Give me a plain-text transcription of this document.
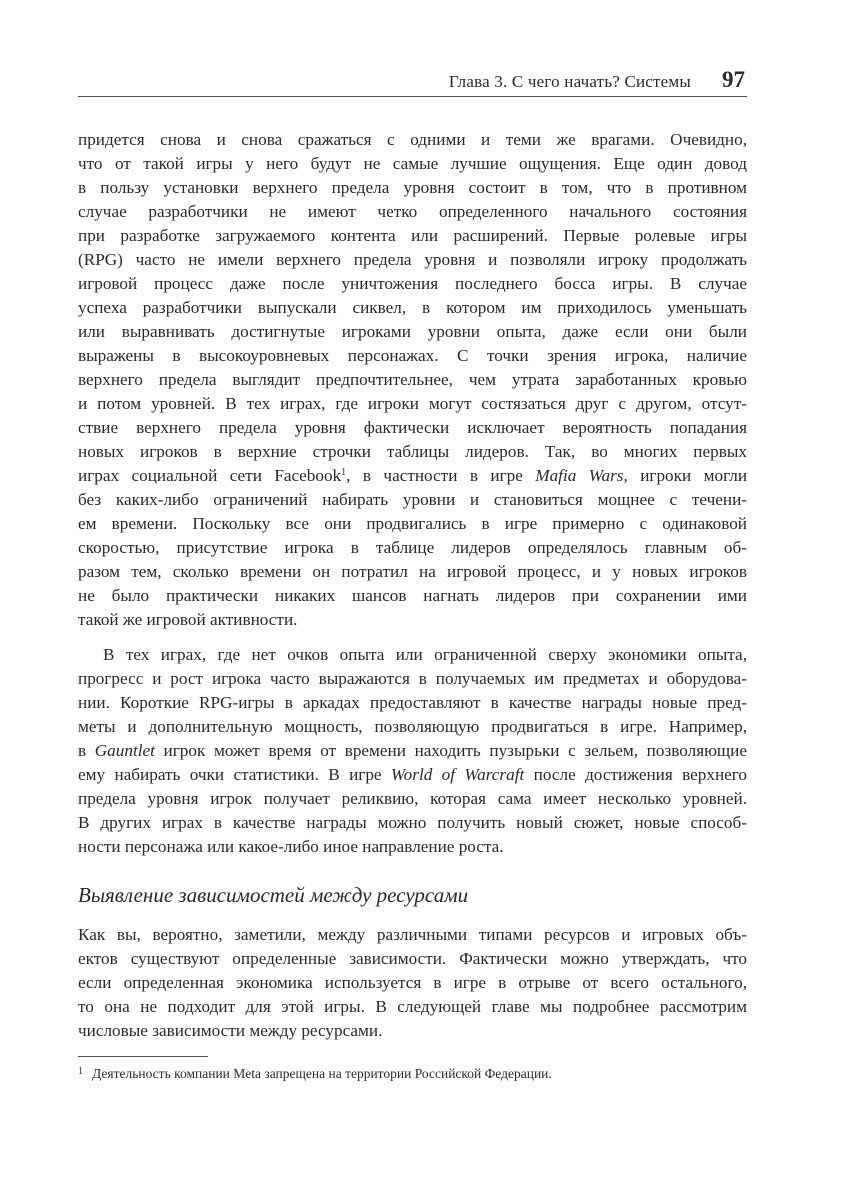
Глава 3. С чего начать? Системы 97
придется снова и снова сражаться с одними и теми же врагами. Очевидно,
что от такой игры у него будут не самые лучшие ощущения. Еще один довод
в пользу установки верхнего предела уровня состоит в том, что в противном
случае разработчики не имеют четко определенного начального состояния
при разработке загружаемого контента или расширений. Первые ролевые игры
(RPG) часто не имели верхнего предела уровня и позволяли игроку продолжать
игровой процесс даже после уничтожения последнего босса игры. В случае
успеха разработчики выпускали сиквел, в котором им приходилось уменьшать
или выравнивать достигнутые игроками уровни опыта, даже если они были
выражены в высокоуровневых персонажах. С точки зрения игрока, наличие
верхнего предела выглядит предпочтительнее, чем утрата заработанных кровью
и потом уровней. В тех играх, где игроки могут состязаться друг с другом, отсут-
ствие верхнего предела уровня фактически исключает вероятность попадания
новых игроков в верхние строчки таблицы лидеров. Так, во многих первых
играх социальной сети Facebook$^1$, в частности в игре Mafia Wars, игроки могли
без каких-либо ограничений набирать уровни и становиться мощнее с течени-
ем времени. Поскольку все они продвигались в игре примерно с одинаковой
скоростью, присутствие игрока в таблице лидеров определялось главным об-
разом тем, сколько времени он потратил на игровой процесс, и у новых игроков
не было практически никаких шансов нагнать лидеров при сохранении ими
такой же игровой активности.
В тех играх, где нет очков опыта или ограниченной сверху экономики опыта,
прогресс и рост игрока часто выражаются в получаемых им предметах и оборудова-
нии. Короткие RPG-игры в аркадах предоставляют в качестве награды новые пред-
меты и дополнительную мощность, позволяющую продвигаться в игре. Например,
в Gauntlet игрок может время от времени находить пузырьки с зельем, позволяющие
ему набирать очки статистики. В игре World of Warcraft после достижения верхнего
предела уровня игрок получает реликвию, которая сама имеет несколько уровней.
В других играх в качестве награды можно получить новый сюжет, новые способ-
ности персонажа или какое-либо иное направление роста.
Выявление зависимостей между ресурсами
Как вы, вероятно, заметили, между различными типами ресурсов и игровых объ-
ектов существуют определенные зависимости. Фактически можно утверждать, что
если определенная экономика используется в игре в отрыве от всего остального,
то она не подходит для этой игры. В следующей главе мы подробнее рассмотрим
числовые зависимости между ресурсами.
1 Деятельность компании Meta запрещена на территории Российской Федерации.
